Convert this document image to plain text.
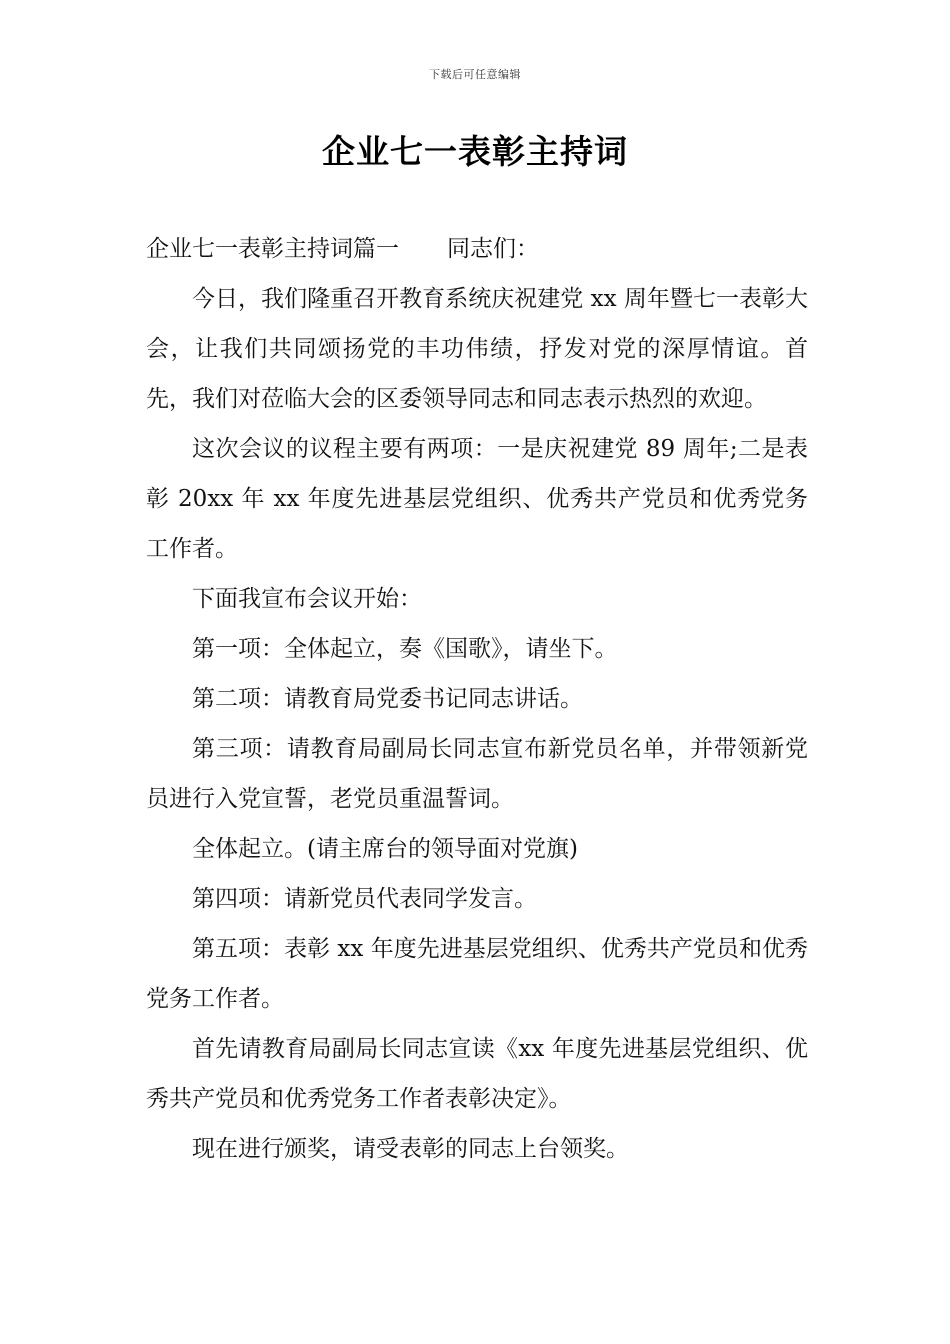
下载后可任意编辑
企业七一表彰主持词

企业七一表彰主持词篇一 同志们：

今日，我们隆重召开教育系统庆祝建党 xx 周年暨七一表彰大会，让我们共同颂扬党的丰功伟绩，抒发对党的深厚情谊。首先，我们对莅临大会的区委领导同志和同志表示热烈的欢迎。

这次会议的议程主要有两项：一是庆祝建党 89 周年;二是表彰 20xx 年 xx 年度先进基层党组织、优秀共产党员和优秀党务工作者。

下面我宣布会议开始：

第一项：全体起立，奏《国歌》，请坐下。

第二项：请教育局党委书记同志讲话。

第三项：请教育局副局长同志宣布新党员名单，并带领新党员进行入党宣誓，老党员重温誓词。

全体起立。(请主席台的领导面对党旗)

第四项：请新党员代表同学发言。

第五项：表彰 xx 年度先进基层党组织、优秀共产党员和优秀党务工作者。

首先请教育局副局长同志宣读《xx 年度先进基层党组织、优秀共产党员和优秀党务工作者表彰决定》。

现在进行颁奖，请受表彰的同志上台领奖。
